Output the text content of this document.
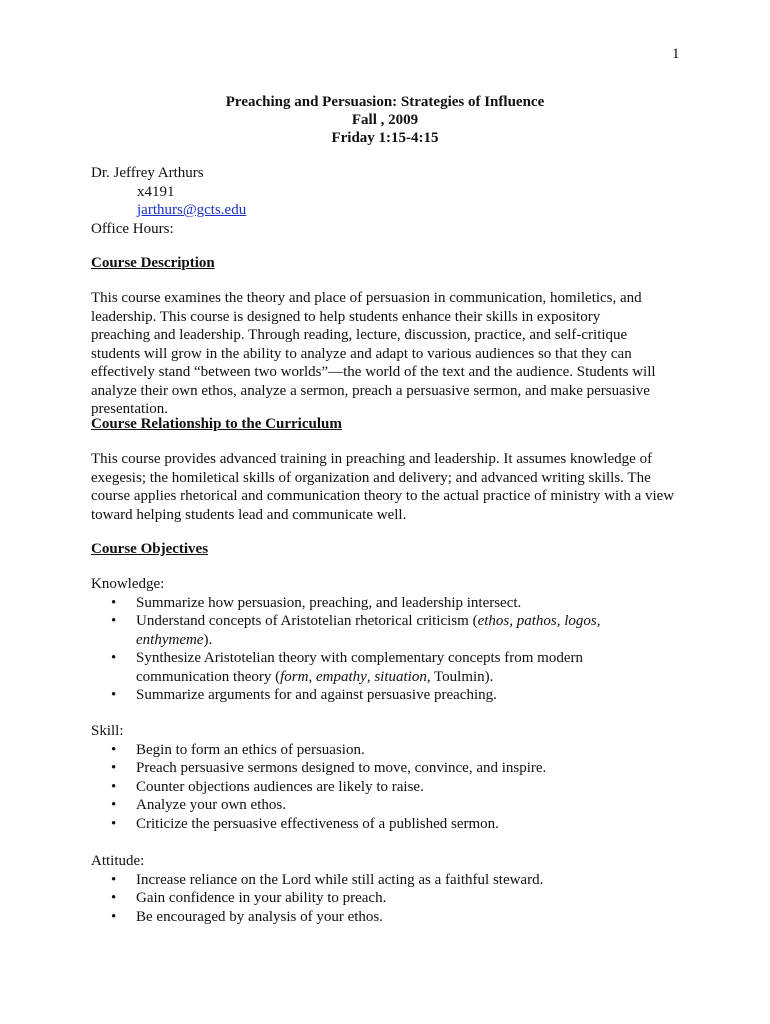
1
Preaching and Persuasion: Strategies of Influence
Fall , 2009
Friday 1:15-4:15

Dr. Jeffrey Arthurs

x4191

jarthurs@gcts.edu

Office Hours:

Course Description

This course examines the theory and place of persuasion in communication, homiletics, and leadership. This course is designed to help students enhance their skills in expository preaching and leadership. Through reading, lecture, discussion, practice, and self-critique students will grow in the ability to analyze and adapt to various audiences so that they can effectively stand “between two worlds”—the world of the text and the audience. Students will analyze their own ethos, analyze a sermon, preach a persuasive sermon, and make persuasive presentation.

Course Relationship to the Curriculum

This course provides advanced training in preaching and leadership. It assumes knowledge of exegesis; the homiletical skills of organization and delivery; and advanced writing skills. The course applies rhetorical and communication theory to the actual practice of ministry with a view toward helping students lead and communicate well.

Course Objectives

Knowledge:

• Summarize how persuasion, preaching, and leadership intersect.
• Understand concepts of Aristotelian rhetorical criticism (ethos, pathos, logos, enthymeme).
• Synthesize Aristotelian theory with complementary concepts from modern communication theory (form, empathy, situation, Toulmin).
• Summarize arguments for and against persuasive preaching.

Skill:

• Begin to form an ethics of persuasion.
• Preach persuasive sermons designed to move, convince, and inspire.
• Counter objections audiences are likely to raise.
• Analyze your own ethos.
• Criticize the persuasive effectiveness of a published sermon.

Attitude:

• Increase reliance on the Lord while still acting as a faithful steward.
• Gain confidence in your ability to preach.
• Be encouraged by analysis of your ethos.
